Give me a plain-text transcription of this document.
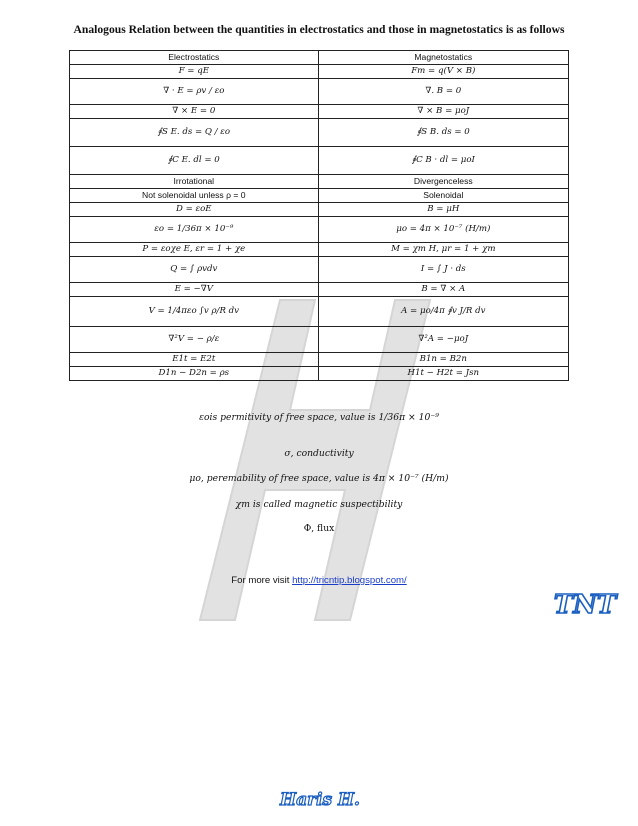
Analogous Relation between the quantities in electrostatics and those in magnetostatics is as follows
Electrostatics	Magnetostatics
F = qE	Fm = q(V × B)
∇ · E = ρv / εo	∇. B = 0
∇ × E = 0	∇ × B = μoJ
∮S E. ds = Q / εo	∮S B. ds = 0
∮C E. dl = 0	∮C B · dl = μoI
Irrotational	Divergenceless
Not solenoidal unless ρ = 0	Solenoidal
D = εoE	B = μH
εo = 1/36π × 10⁻⁹	μo = 4π × 10⁻⁷ (H/m)
P = εoχe E, εr = 1 + χe	M = χm H, μr = 1 + χm
Q = ∫ ρvdv	I = ∫ J · ds
E = −∇V	B = ∇ × A
V = 1/4πεo ∫v ρ/R dv	A = μo/4π ∮v J/R dv
∇²V = − ρ/ε	∇²A = −μoJ
E1t = E2t	B1n = B2n
D1n − D2n = ρs	H1t − H2t = Jsn
εois permitivity of free space, value is 1/36π × 10⁻⁹
σ, conductivity
μo, peremability of free space, value is 4π × 10⁻⁷ (H/m)
χm is called magnetic suspectibility
Φ, flux
For more visit http://tricntip.blogspot.com/
TNT
Haris H.
